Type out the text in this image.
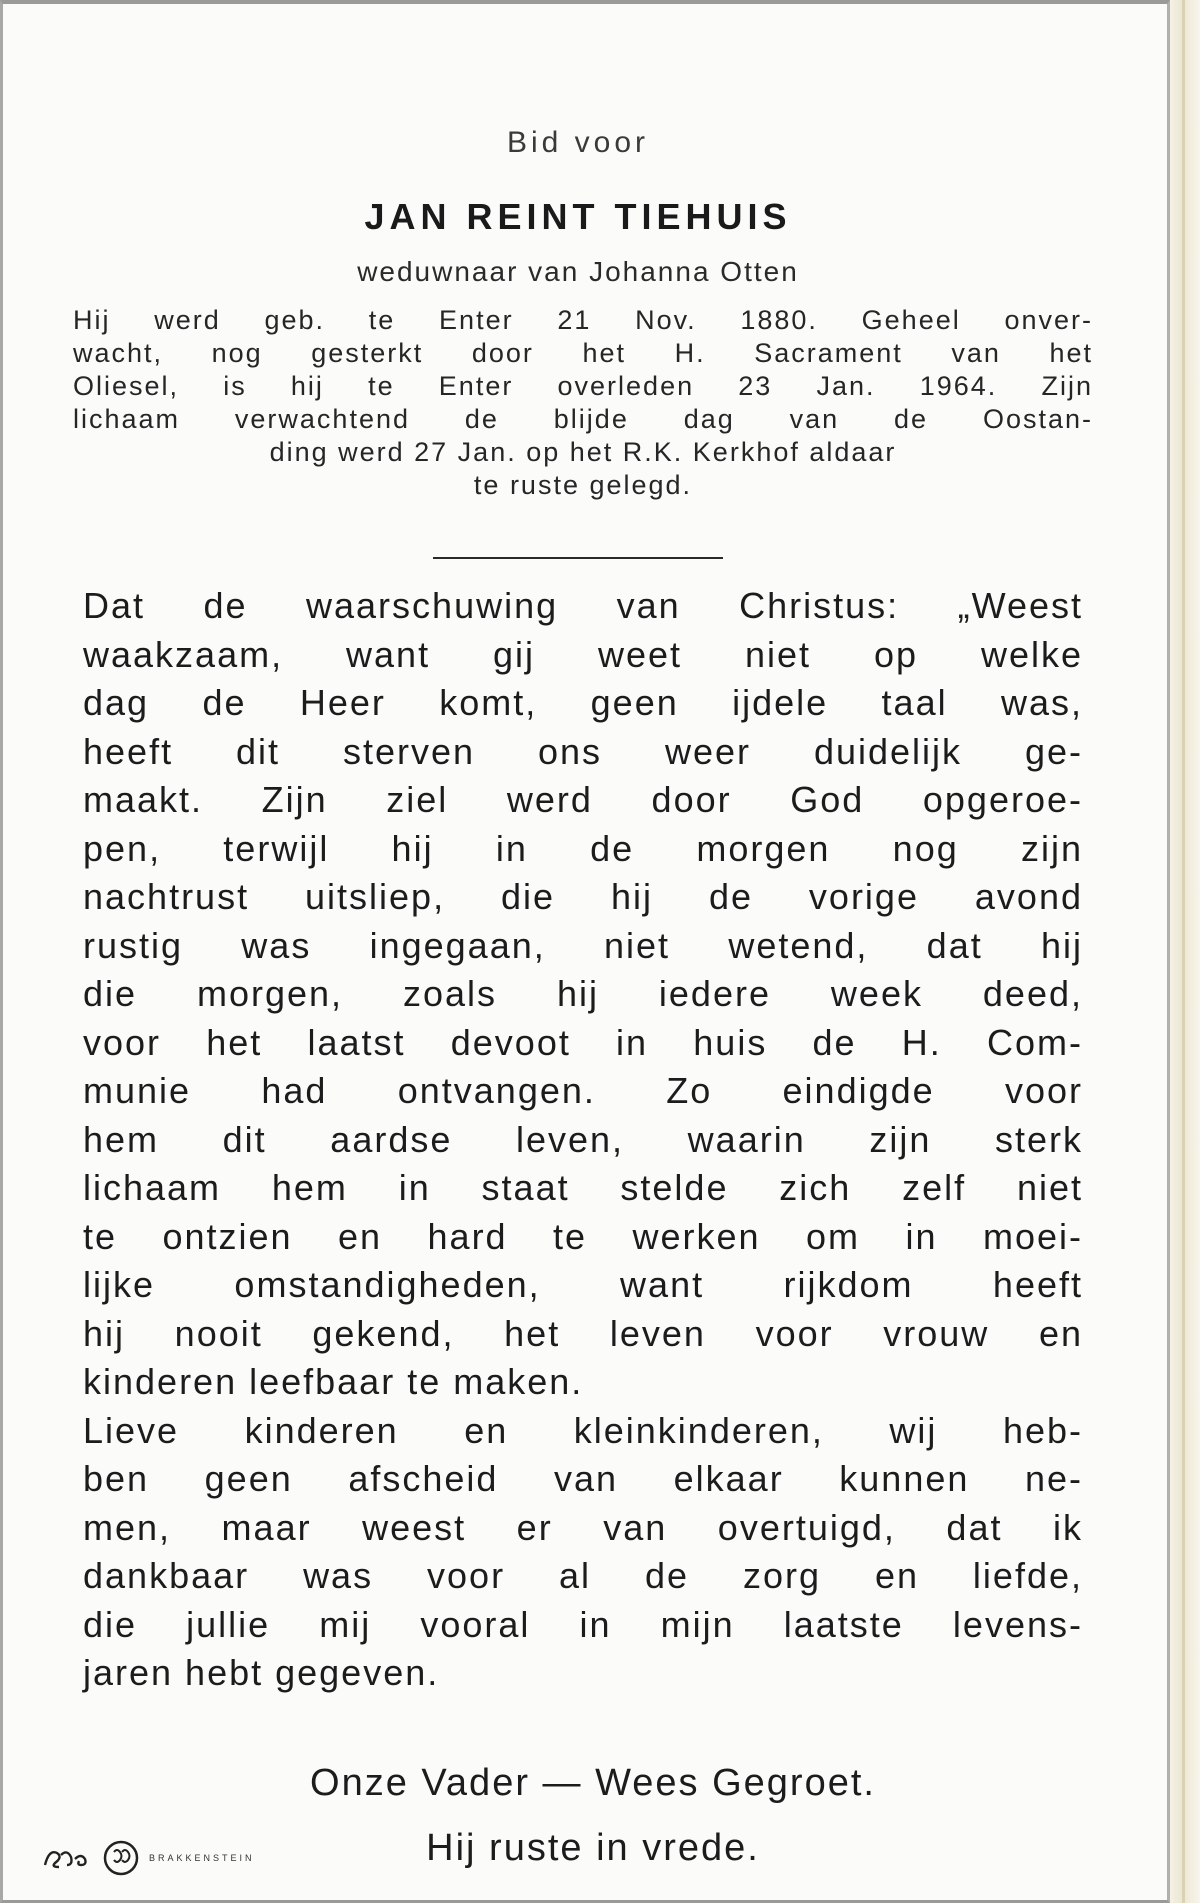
Bid voor
JAN REINT TIEHUIS
weduwnaar van Johanna Otten
Hij werd geb. te Enter 21 Nov. 1880. Geheel onver-
wacht, nog gesterkt door het H. Sacrament van het
Oliesel, is hij te Enter overleden 23 Jan. 1964. Zijn
lichaam verwachtend de blijde dag van de Oostan-
ding werd 27 Jan. op het R.K. Kerkhof aldaar
te ruste gelegd.
Dat de waarschuwing van Christus: „Weest
waakzaam, want gij weet niet op welke
dag de Heer komt, geen ijdele taal was,
heeft dit sterven ons weer duidelijk ge-
maakt. Zijn ziel werd door God opgeroe-
pen, terwijl hij in de morgen nog zijn
nachtrust uitsliep, die hij de vorige avond
rustig was ingegaan, niet wetend, dat hij
die morgen, zoals hij iedere week deed,
voor het laatst devoot in huis de H. Com-
munie had ontvangen. Zo eindigde voor
hem dit aardse leven, waarin zijn sterk
lichaam hem in staat stelde zich zelf niet
te ontzien en hard te werken om in moei-
lijke omstandigheden, want rijkdom heeft
hij nooit gekend, het leven voor vrouw en
kinderen leefbaar te maken.
Lieve kinderen en kleinkinderen, wij heb-
ben geen afscheid van elkaar kunnen ne-
men, maar weest er van overtuigd, dat ik
dankbaar was voor al de zorg en liefde,
die jullie mij vooral in mijn laatste levens-
jaren hebt gegeven.
Onze Vader — Wees Gegroet.
Hij ruste in vrede.
BRAKKENSTEIN
